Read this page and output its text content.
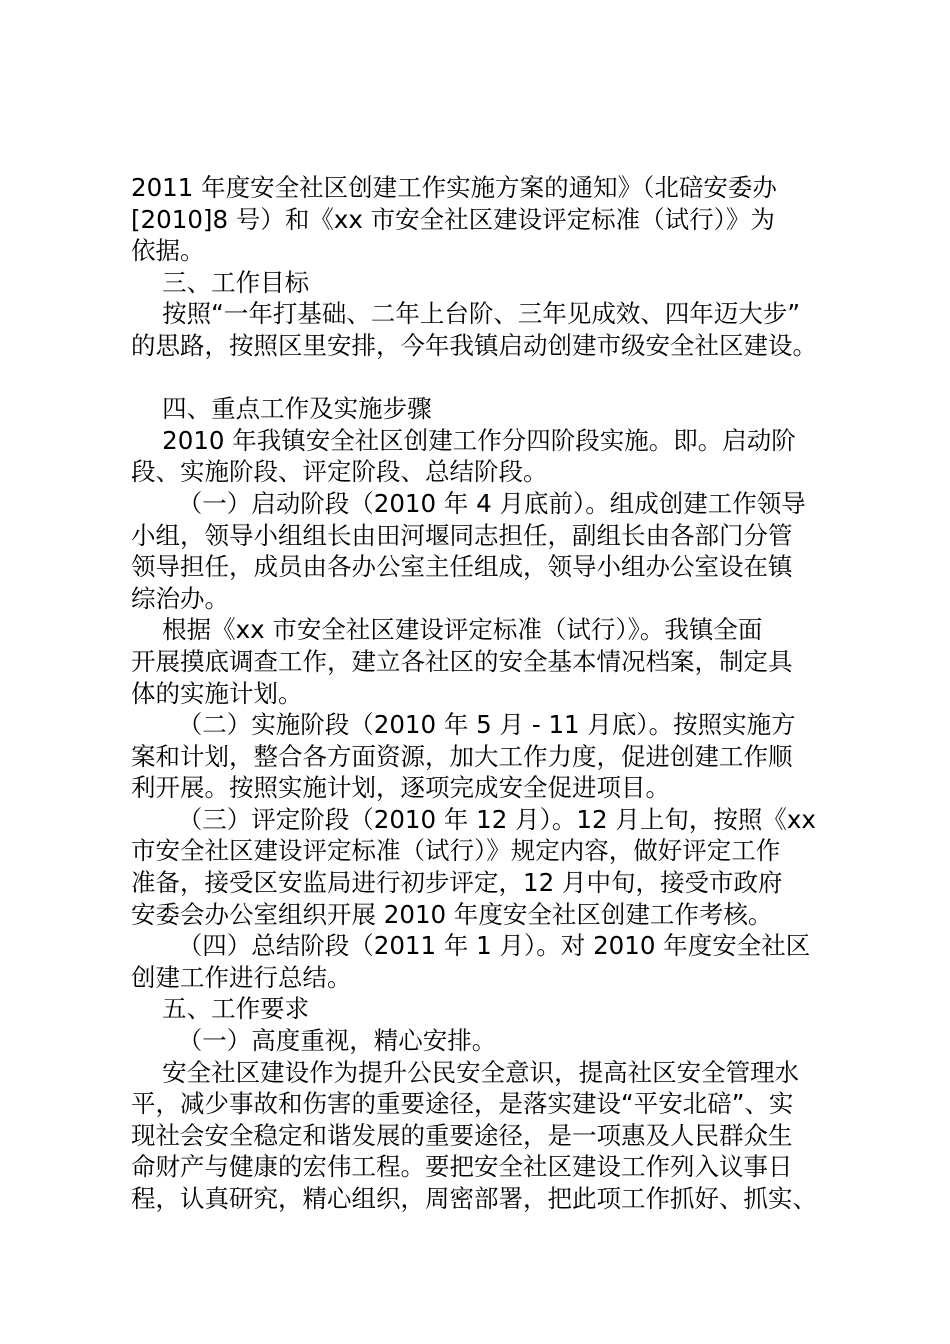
2011 年度安全社区创建工作实施方案的通知》（北碚安委办
[2010]8 号）和《xx 市安全社区建设评定标准（试行）》为
依据。
三、工作目标
按照“一年打基础、二年上台阶、三年见成效、四年迈大步”
的思路，按照区里安排，今年我镇启动创建市级安全社区建设。
四、重点工作及实施步骤
2010 年我镇安全社区创建工作分四阶段实施。即。启动阶
段、实施阶段、评定阶段、总结阶段。
（一）启动阶段（2010 年 4 月底前）。组成创建工作领导
小组，领导小组组长由田河堰同志担任，副组长由各部门分管
领导担任，成员由各办公室主任组成，领导小组办公室设在镇
综治办。
根据《xx 市安全社区建设评定标准（试行）》。我镇全面
开展摸底调查工作，建立各社区的安全基本情况档案，制定具
体的实施计划。
（二）实施阶段（2010 年 5 月 - 11 月底）。按照实施方
案和计划，整合各方面资源，加大工作力度，促进创建工作顺
利开展。按照实施计划，逐项完成安全促进项目。
（三）评定阶段（2010 年 12 月）。12 月上旬，按照《xx
市安全社区建设评定标准（试行）》规定内容，做好评定工作
准备，接受区安监局进行初步评定，12 月中旬，接受市政府
安委会办公室组织开展 2010 年度安全社区创建工作考核。
（四）总结阶段（2011 年 1 月）。对 2010 年度安全社区
创建工作进行总结。
五、工作要求
（一）高度重视，精心安排。
安全社区建设作为提升公民安全意识，提高社区安全管理水
平，减少事故和伤害的重要途径，是落实建设“平安北碚”、实
现社会安全稳定和谐发展的重要途径，是一项惠及人民群众生
命财产与健康的宏伟工程。要把安全社区建设工作列入议事日
程，认真研究，精心组织，周密部署，把此项工作抓好、抓实、
